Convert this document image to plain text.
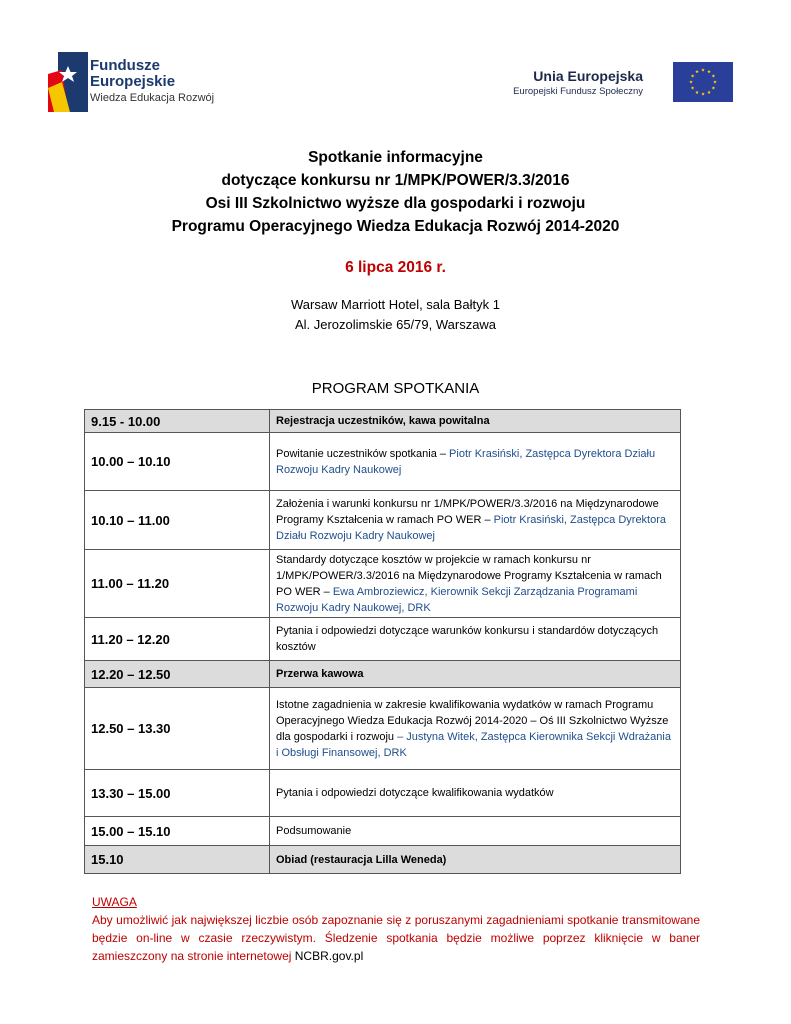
Fundusze
Europejskie
Wiedza Edukacja Rozwój
Unia Europejska
Europejski Fundusz Społeczny
Spotkanie informacyjne
dotyczące konkursu nr 1/MPK/POWER/3.3/2016
Osi III Szkolnictwo wyższe dla gospodarki i rozwoju
Programu Operacyjnego Wiedza Edukacja Rozwój 2014-2020
6 lipca 2016 r.
Warsaw Marriott Hotel, sala Bałtyk 1
Al. Jerozolimskie 65/79, Warszawa
PROGRAM SPOTKANIA
9.15 - 10.00	Rejestracja uczestników, kawa powitalna
10.00 – 10.10	Powitanie uczestników spotkania – Piotr Krasiński, Zastępca Dyrektora Działu Rozwoju Kadry Naukowej
10.10 – 11.00	Założenia i warunki konkursu nr 1/MPK/POWER/3.3/2016 na Międzynarodowe Programy Kształcenia w ramach PO WER – Piotr Krasiński, Zastępca Dyrektora Działu Rozwoju Kadry Naukowej
11.00 – 11.20	Standardy dotyczące kosztów w projekcie w ramach konkursu nr 1/MPK/POWER/3.3/2016 na Międzynarodowe Programy Kształcenia w ramach PO WER – Ewa Ambroziewicz, Kierownik Sekcji Zarządzania Programami Rozwoju Kadry Naukowej, DRK
11.20 – 12.20	Pytania i odpowiedzi dotyczące warunków konkursu i standardów dotyczących kosztów
12.20 – 12.50	Przerwa kawowa
12.50 – 13.30	Istotne zagadnienia w zakresie kwalifikowania wydatków w ramach Programu Operacyjnego Wiedza Edukacja Rozwój 2014-2020 – Oś III Szkolnictwo Wyższe dla gospodarki i rozwoju – Justyna Witek, Zastępca Kierownika Sekcji Wdrażania i Obsługi Finansowej, DRK
13.30 – 15.00	Pytania i odpowiedzi dotyczące kwalifikowania wydatków
15.00 – 15.10	Podsumowanie
15.10	Obiad (restauracja Lilla Weneda)
UWAGA
Aby umożliwić jak największej liczbie osób zapoznanie się z poruszanymi zagadnieniami spotkanie transmitowane będzie on-line w czasie rzeczywistym. Śledzenie spotkania będzie możliwe poprzez kliknięcie w baner zamieszczony na stronie internetowej NCBR.gov.pl
